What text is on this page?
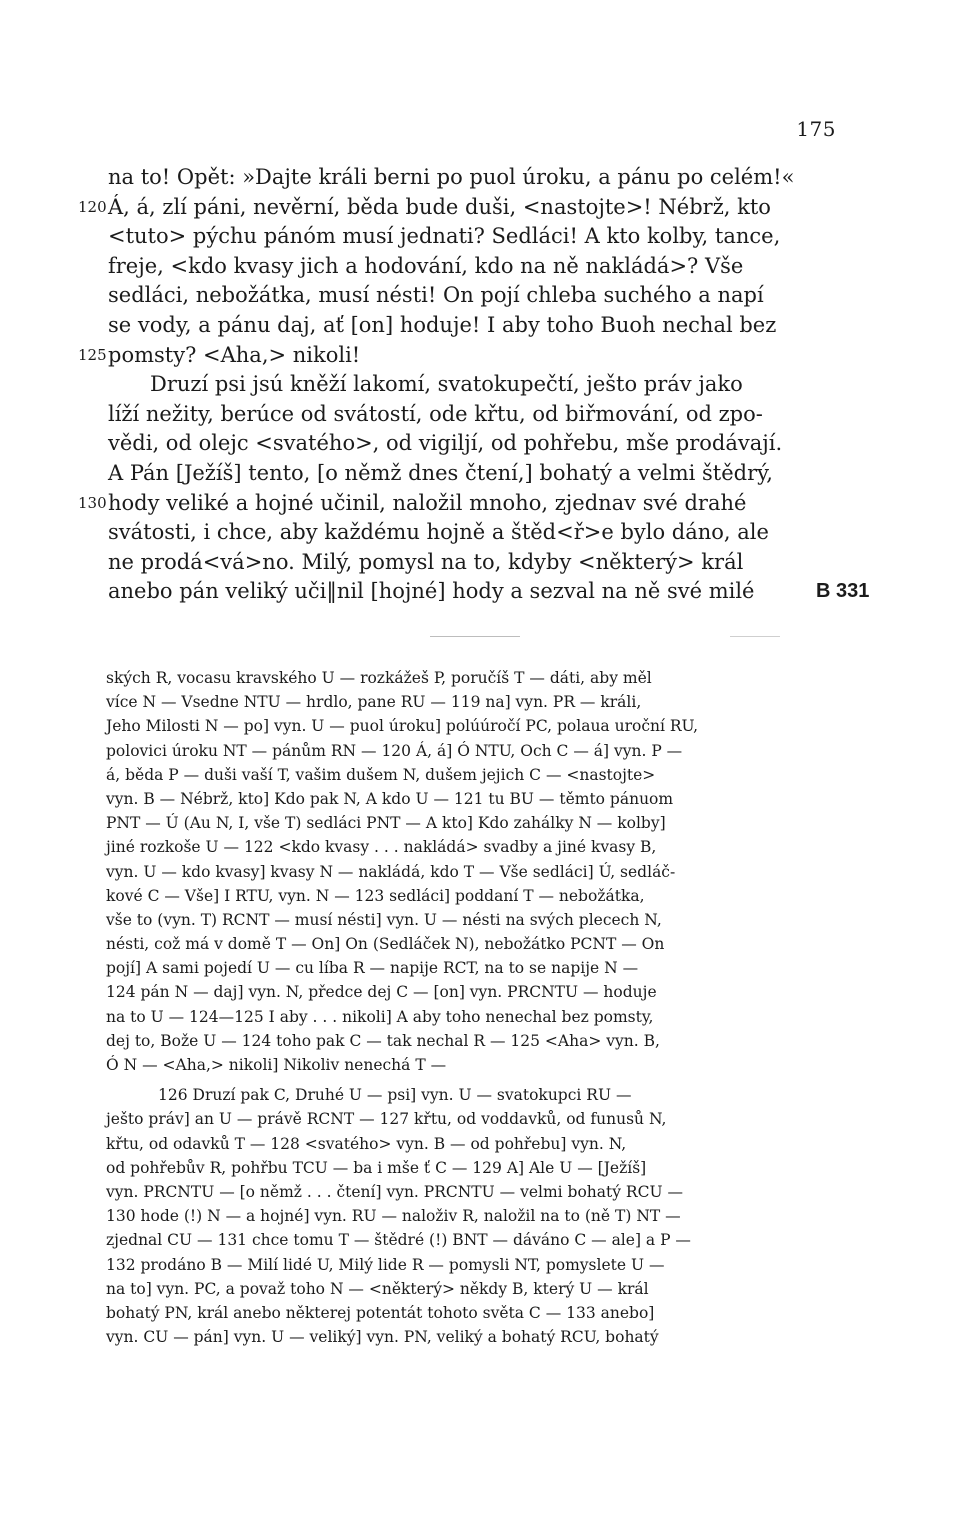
175
na to! Opět: »Dajte králi berni po puol úroku, a pánu po celém!«
120 Á, á, zlí páni, nevěrní, běda bude duši, <nastojte>! Nébrž, kto
<tuto> pýchu pánóm musí jednati? Sedláci! A kto kolby, tance,
freje, <kdo kvasy jich a hodování, kdo na ně nakládá>? Vše
sedláci, nebožátka, musí nésti! On pojí chleba suchého a napí
se vody, a pánu daj, ať [on] hoduje! I aby toho Buoh nechal bez
125 pomsty? <Aha,> nikoli!
Druzí psi jsú kněží lakomí, svatokupečtí, ješto práv jako
líží nežity, berúce od svátostí, ode křtu, od biřmování, od zpo-
vědi, od olejc <svatého>, od vigiljí, od pohřebu, mše prodávají.
A Pán [Ježíš] tento, [o němž dnes čtení,] bohatý a velmi štědrý,
130 hody veliké a hojné učinil, naložil mnoho, zjednav své drahé
svátosti, i chce, aby každému hojně a štěd<ř>e bylo dáno, ale
ne prodá<vá>no. Milý, pomysl na to, kdyby <některý> král
anebo pán veliký uči‖nil [hojné] hody a sezval na ně své milé	B 331
ských R, vocasu kravského U — rozkážeš P, poručíš T — dáti, aby měl
více N — Vsedne NTU — hrdlo, pane RU — 119 na] vyn. PR — králi,
Jeho Milosti N — po] vyn. U — puol úroku] polúúročí PC, polaua uroční RU,
polovici úroku NT — pánům RN — 120 Á, á] Ó NTU, Och C — á] vyn. P —
á, běda P — duši vaší T, vašim dušem N, dušem jejich C — <nastojte>
vyn. B — Nébrž, kto] Kdo pak N, A kdo U — 121 tu BU — těmto pánuom
PNT — Ú (Au N, I, vše T) sedláci PNT — A kto] Kdo zahálky N — kolby]
jiné rozkoše U — 122 <kdo kvasy . . . nakládá> svadby a jiné kvasy B,
vyn. U — kdo kvasy] kvasy N — nakládá, kdo T — Vše sedláci] Ú, sedláč-
kové C — Vše] I RTU, vyn. N — 123 sedláci] poddaní T — nebožátka,
vše to (vyn. T) RCNT — musí nésti] vyn. U — nésti na svých plecech N,
nésti, což má v domě T — On] On (Sedláček N), nebožátko PCNT — On
pojí] A sami pojedí U — cu líba R — napije RCT, na to se napije N —
124 pán N — daj] vyn. N, předce dej C — [on] vyn. PRCNTU — hoduje
na to U — 124—125 I aby . . . nikoli] A aby toho nenechal bez pomsty,
dej to, Bože U — 124 toho pak C — tak nechal R — 125 <Aha> vyn. B,
Ó N — <Aha,> nikoli] Nikoliv nenechá T —
126 Druzí pak C, Druhé U — psi] vyn. U — svatokupci RU —
ješto práv] an U — právě RCNT — 127 křtu, od voddavků, od funusů N,
křtu, od odavků T — 128 <svatého> vyn. B — od pohřebu] vyn. N,
od pohřebův R, pohřbu TCU — ba i mše ť C — 129 A] Ale U — [Ježíš]
vyn. PRCNTU — [o němž . . . čtení] vyn. PRCNTU — velmi bohatý RCU —
130 hode (!) N — a hojné] vyn. RU — naloživ R, naložil na to (ně T) NT —
zjednal CU — 131 chce tomu T — štědré (!) BNT — dáváno C — ale] a P —
132 prodáno B — Milí lidé U, Milý lide R — pomysli NT, pomyslete U —
na to] vyn. PC, a považ toho N — <některý> někdy B, který U — král
bohatý PN, král anebo některej potentát tohoto světa C — 133 anebo]
vyn. CU — pán] vyn. U — veliký] vyn. PN, veliký a bohatý RCU, bohatý
